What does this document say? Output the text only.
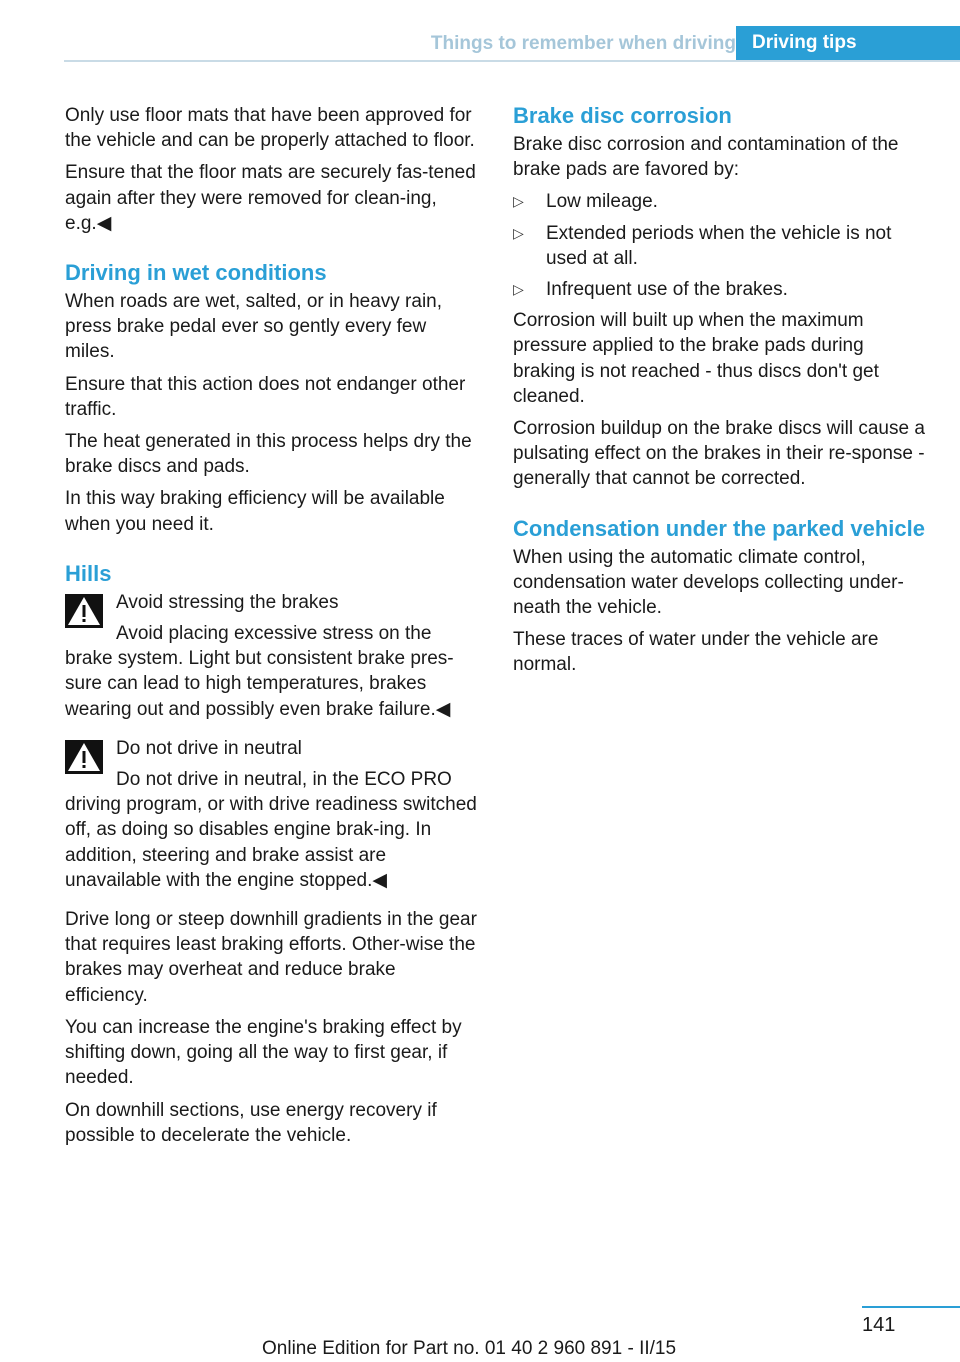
Things to remember when driving Driving tips

Only use floor mats that have been approved for the vehicle and can be properly attached to floor.

Ensure that the floor mats are securely fas‐tened again after they were removed for clean‐ing, e.g.◀

Driving in wet conditions

When roads are wet, salted, or in heavy rain, press brake pedal ever so gently every few miles.

Ensure that this action does not endanger other traffic.

The heat generated in this process helps dry the brake discs and pads.

In this way braking efficiency will be available when you need it.

Hills

Avoid stressing the brakes

Avoid placing excessive stress on the brake system. Light but consistent brake pres‐sure can lead to high temperatures, brakes wearing out and possibly even brake failure.◀

Do not drive in neutral

Do not drive in neutral, in the ECO PRO driving program, or with drive readiness switched off, as doing so disables engine brak‐ing. In addition, steering and brake assist are unavailable with the engine stopped.◀

Drive long or steep downhill gradients in the gear that requires least braking efforts. Other‐wise the brakes may overheat and reduce brake efficiency.

You can increase the engine's braking effect by shifting down, going all the way to first gear, if needed.

On downhill sections, use energy recovery if possible to decelerate the vehicle.

Brake disc corrosion

Brake disc corrosion and contamination of the brake pads are favored by:

▷ Low mileage.
▷ Extended periods when the vehicle is not used at all.
▷ Infrequent use of the brakes.

Corrosion will built up when the maximum pressure applied to the brake pads during braking is not reached - thus discs don't get cleaned.

Corrosion buildup on the brake discs will cause a pulsating effect on the brakes in their re‐sponse - generally that cannot be corrected.

Condensation under the parked vehicle

When using the automatic climate control, condensation water develops collecting under‐neath the vehicle.

These traces of water under the vehicle are normal.

141
Online Edition for Part no. 01 40 2 960 891 - II/15
